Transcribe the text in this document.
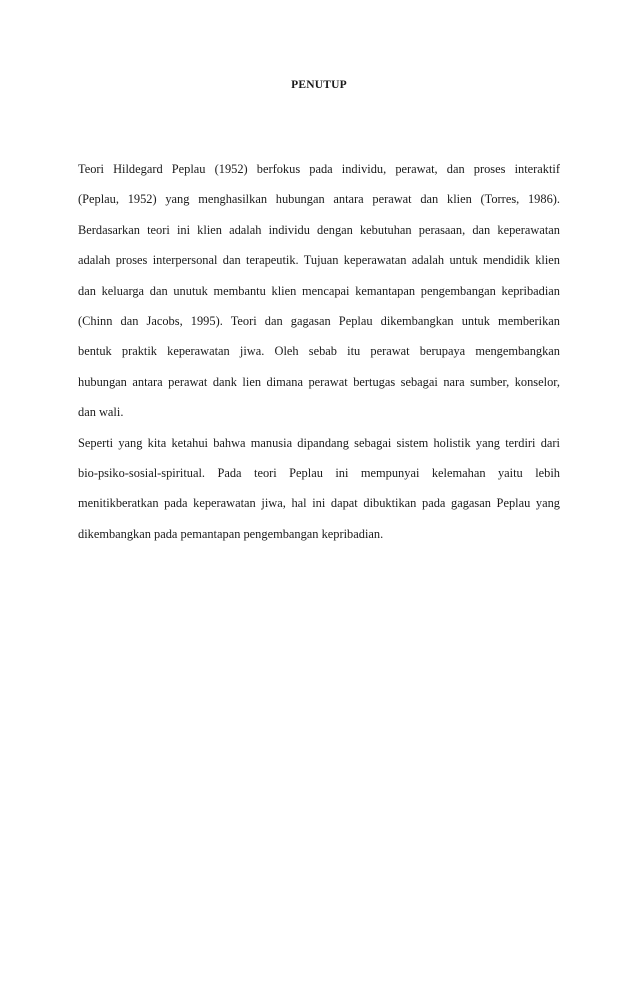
PENUTUP
Teori Hildegard Peplau (1952) berfokus pada individu, perawat, dan proses interaktif
(Peplau, 1952) yang menghasilkan hubungan antara perawat dan klien (Torres, 1986).
Berdasarkan teori ini klien adalah individu dengan kebutuhan perasaan, dan keperawatan
adalah proses interpersonal dan terapeutik. Tujuan keperawatan adalah untuk mendidik klien
dan keluarga dan unutuk membantu klien mencapai kemantapan pengembangan kepribadian
(Chinn dan Jacobs, 1995). Teori dan gagasan Peplau dikembangkan untuk memberikan
bentuk praktik keperawatan jiwa. Oleh sebab itu perawat berupaya mengembangkan
hubungan antara perawat dank lien dimana perawat bertugas sebagai nara sumber, konselor,
dan wali.
Seperti yang kita ketahui bahwa manusia dipandang sebagai sistem holistik yang terdiri dari
bio-psiko-sosial-spiritual. Pada teori Peplau ini mempunyai kelemahan yaitu lebih
menitikberatkan pada keperawatan jiwa, hal ini dapat dibuktikan pada gagasan Peplau yang
dikembangkan pada pemantapan pengembangan kepribadian.
